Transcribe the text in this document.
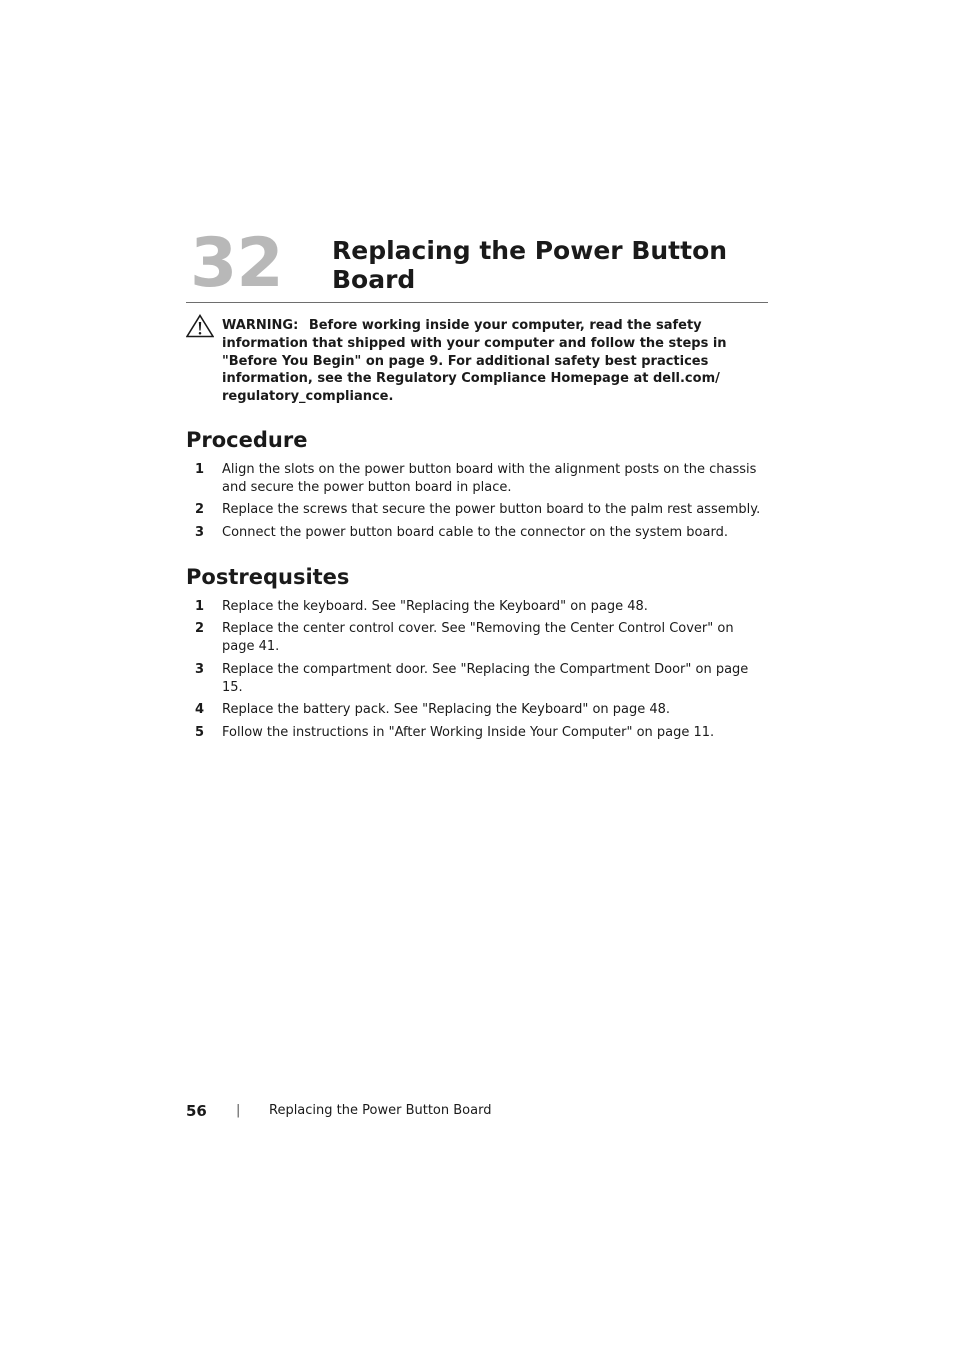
32 Replacing the Power Button Board
WARNING: Before working inside your computer, read the safety information that shipped with your computer and follow the steps in "Before You Begin" on page 9. For additional safety best practices information, see the Regulatory Compliance Homepage at dell.com/ regulatory_compliance.
Procedure
1 Align the slots on the power button board with the alignment posts on the chassis and secure the power button board in place.
2 Replace the screws that secure the power button board to the palm rest assembly.
3 Connect the power button board cable to the connector on the system board.
Postrequsites
1 Replace the keyboard. See "Replacing the Keyboard" on page 48.
2 Replace the center control cover. See "Removing the Center Control Cover" on page 41.
3 Replace the compartment door. See "Replacing the Compartment Door" on page 15.
4 Replace the battery pack. See "Replacing the Keyboard" on page 48.
5 Follow the instructions in "After Working Inside Your Computer" on page 11.
56 | Replacing the Power Button Board
